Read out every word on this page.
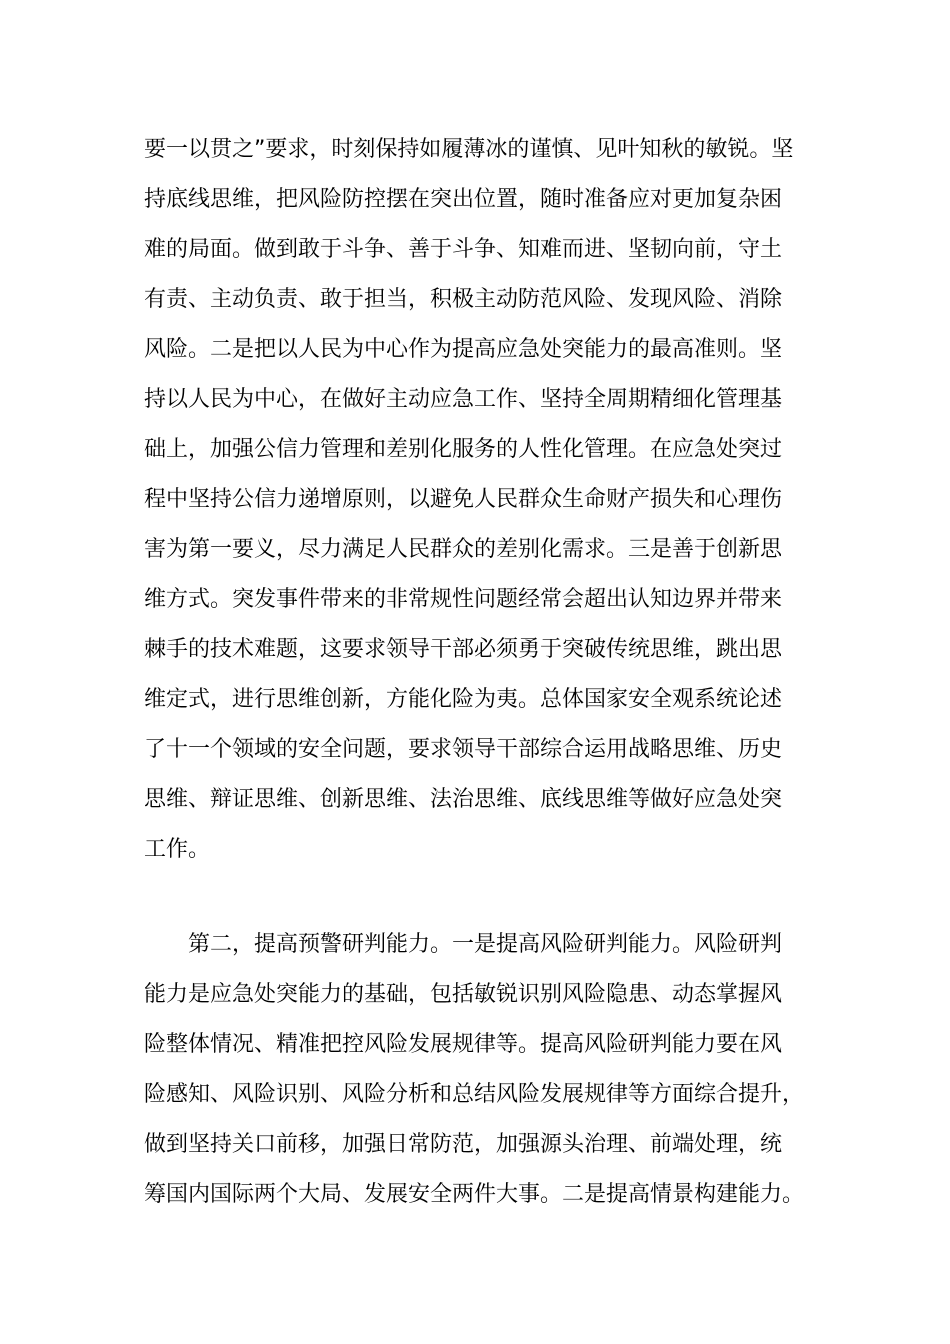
要一以贯之”要求，时刻保持如履薄冰的谨慎、见叶知秋的敏锐。坚
持底线思维，把风险防控摆在突出位置，随时准备应对更加复杂困
难的局面。做到敢于斗争、善于斗争、知难而进、坚韧向前，守土
有责、主动负责、敢于担当，积极主动防范风险、发现风险、消除
风险。二是把以人民为中心作为提高应急处突能力的最高准则。坚
持以人民为中心，在做好主动应急工作、坚持全周期精细化管理基
础上，加强公信力管理和差别化服务的人性化管理。在应急处突过
程中坚持公信力递增原则，以避免人民群众生命财产损失和心理伤
害为第一要义，尽力满足人民群众的差别化需求。三是善于创新思
维方式。突发事件带来的非常规性问题经常会超出认知边界并带来
棘手的技术难题，这要求领导干部必须勇于突破传统思维，跳出思
维定式，进行思维创新，方能化险为夷。总体国家安全观系统论述
了十一个领域的安全问题，要求领导干部综合运用战略思维、历史
思维、辩证思维、创新思维、法治思维、底线思维等做好应急处突
工作。
第二，提高预警研判能力。一是提高风险研判能力。风险研判
能力是应急处突能力的基础，包括敏锐识别风险隐患、动态掌握风
险整体情况、精准把控风险发展规律等。提高风险研判能力要在风
险感知、风险识别、风险分析和总结风险发展规律等方面综合提升，
做到坚持关口前移，加强日常防范，加强源头治理、前端处理，统
筹国内国际两个大局、发展安全两件大事。二是提高情景构建能力。
